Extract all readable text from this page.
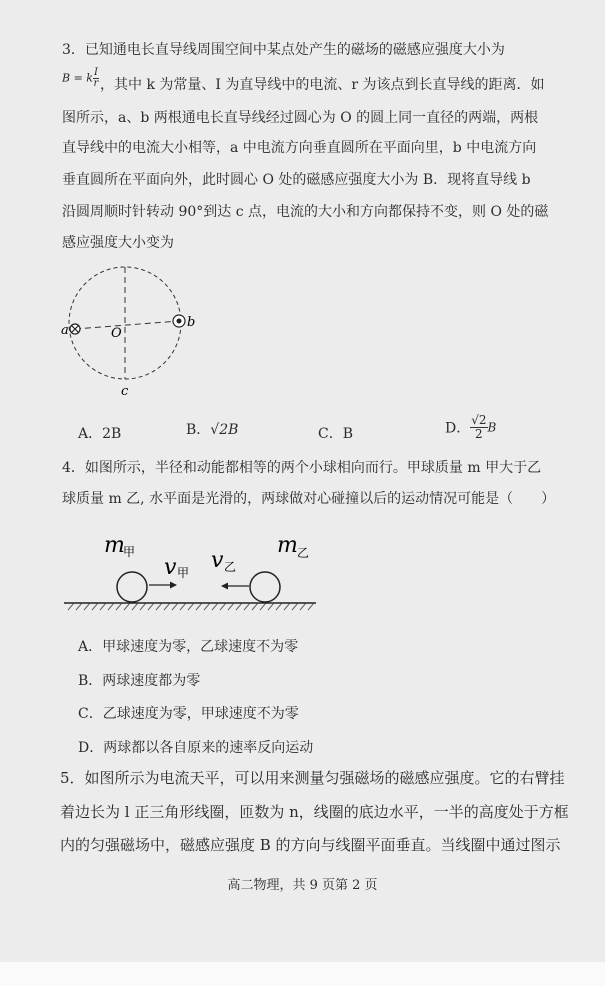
3．已知通电长直导线周围空间中某点处产生的磁场的磁感应强度大小为
B = k $\frac{I}{r}$ ，其中 k 为常量、I 为直导线中的电流、r 为该点到长直导线的距离．如
图所示，a、b 两根通电长直导线经过圆心为 O 的圆上同一直径的两端，两根
直导线中的电流大小相等，a 中电流方向垂直圆所在平面向里，b 中电流方向
垂直圆所在平面向外，此时圆心 O 处的磁感应强度大小为 B．现将直导线 b
沿圆周顺时针转动 90°到达 c 点，电流的大小和方向都保持不变，则 O 处的磁
感应强度大小变为
a
b
O
c
A．2B	B．√2B	C．B	D． $\frac{√2}{2}$ B
4．如图所示，半径和动能都相等的两个小球相向而行。甲球质量 m 甲大于乙
球质量 m 乙, 水平面是光滑的，两球做对心碰撞以后的运动情况可能是（　　）
m
甲
v 甲 v 乙
m 乙
A．甲球速度为零，乙球速度不为零
B．两球速度都为零
C．乙球速度为零，甲球速度不为零
D．两球都以各自原来的速率反向运动
5．如图所示为电流天平，可以用来测量匀强磁场的磁感应强度。它的右臂挂
着边长为 l 正三角形线圈，匝数为 n，线圈的底边水平，一半的高度处于方框
内的匀强磁场中，磁感应强度 B 的方向与线圈平面垂直。当线圈中通过图示
高二物理，共 9 页第 2 页
